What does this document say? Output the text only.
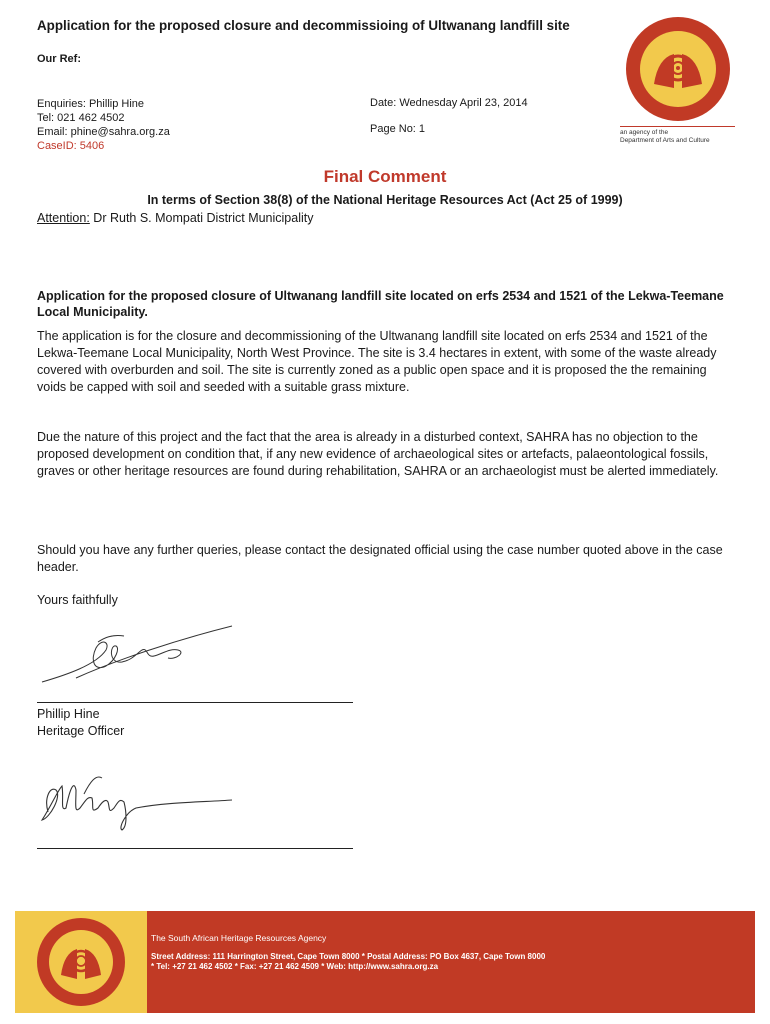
Application for the proposed closure and decommissioing of Ultwanang landfill site
Our Ref:
Enquiries: Phillip Hine
Tel: 021 462 4502
Email: phine@sahra.org.za
CaseID: 5406
Date: Wednesday April 23, 2014
Page No: 1	an agency of the
Department of Arts and Culture
Final Comment
In terms of Section 38(8) of the National Heritage Resources Act (Act 25 of 1999)
Attention: Dr Ruth S. Mompati District Municipality
Application for the proposed closure of Ultwanang landfill site located on erfs 2534 and 1521 of the Lekwa-Teemane Local Municipality.
The application is for the closure and decommissioning of the Ultwanang landfill site located on erfs 2534 and 1521 of the Lekwa-Teemane Local Municipality, North West Province. The site is 3.4 hectares in extent, with some of the waste already covered with overburden and soil. The site is currently zoned as a public open space and it is proposed the the remaining voids be capped with soil and seeded with a suitable grass mixture.
Due the nature of this project and the fact that the area is already in a disturbed context, SAHRA has no objection to the proposed development on condition that, if any new evidence of archaeological sites or artefacts, palaeontological fossils, graves or other heritage resources are found during rehabilitation, SAHRA or an archaeologist must be alerted immediately.
Should you have any further queries, please contact the designated official using the case number quoted above in the case header.
Yours faithfully
Phillip Hine
Heritage Officer
The South African Heritage Resources Agency
Street Address: 111 Harrington Street, Cape Town 8000 * Postal Address: PO Box 4637, Cape Town 8000
* Tel: +27 21 462 4502 * Fax: +27 21 462 4509 * Web: http://www.sahra.org.za
